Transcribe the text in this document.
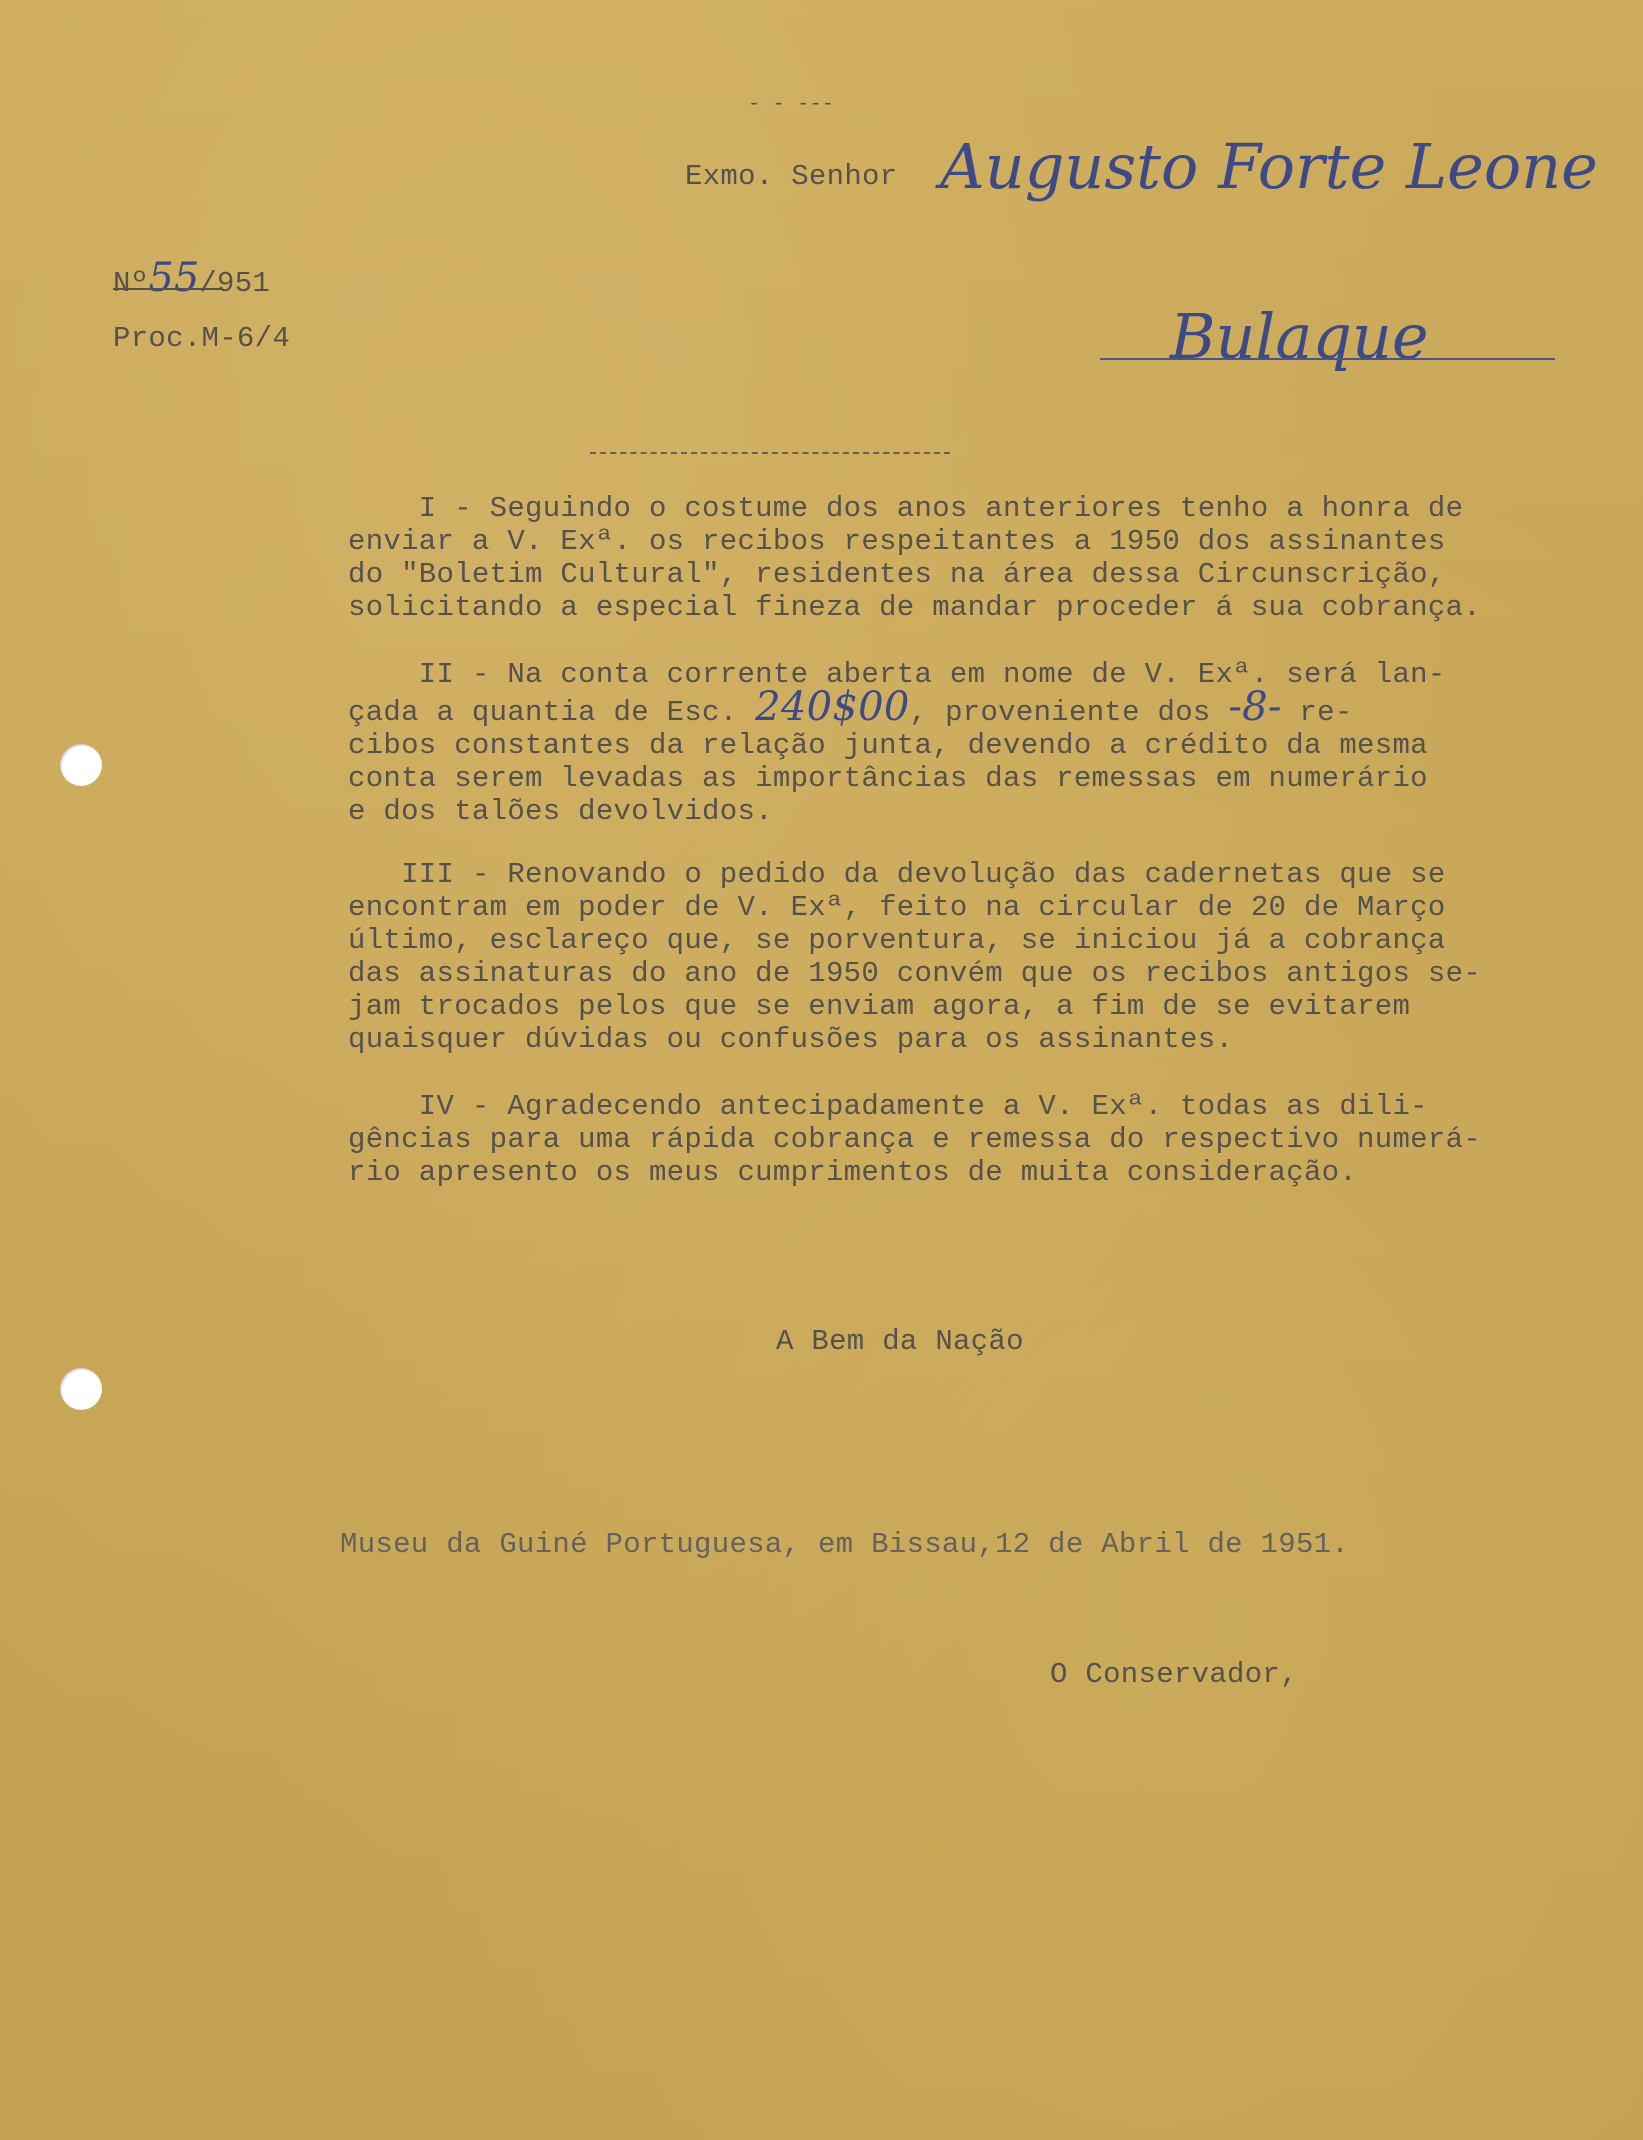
- - ---
Exmo. Senhor Augusto Forte Leone
Bulaque
Nº55/951
Proc.M-6/4
I - Seguindo o costume dos anos anteriores tenho a honra de
enviar a V. Exª. os recibos respeitantes a 1950 dos assinantes
do "Boletim Cultural", residentes na área dessa Circunscrição,
solicitando a especial fineza de mandar proceder á sua cobrança.
II - Na conta corrente aberta em nome de V. Exª. será lan-
çada a quantia de Esc. 240$00, proveniente dos -8- re-
cibos constantes da relação junta, devendo a crédito da mesma
conta serem levadas as importâncias das remessas em numerário
e dos talões devolvidos.
III - Renovando o pedido da devolução das cadernetas que se
encontram em poder de V. Exª, feito na circular de 20 de Março
último, esclareço que, se porventura, se iniciou já a cobrança
das assinaturas do ano de 1950 convém que os recibos antigos se-
jam trocados pelos que se enviam agora, a fim de se evitarem
quaisquer dúvidas ou confusões para os assinantes.
IV - Agradecendo antecipadamente a V. Exª. todas as dili-
gências para uma rápida cobrança e remessa do respectivo numerá-
rio apresento os meus cumprimentos de muita consideração.
A Bem da Nação
Museu da Guiné Portuguesa, em Bissau,12 de Abril de 1951.
O Conservador,
